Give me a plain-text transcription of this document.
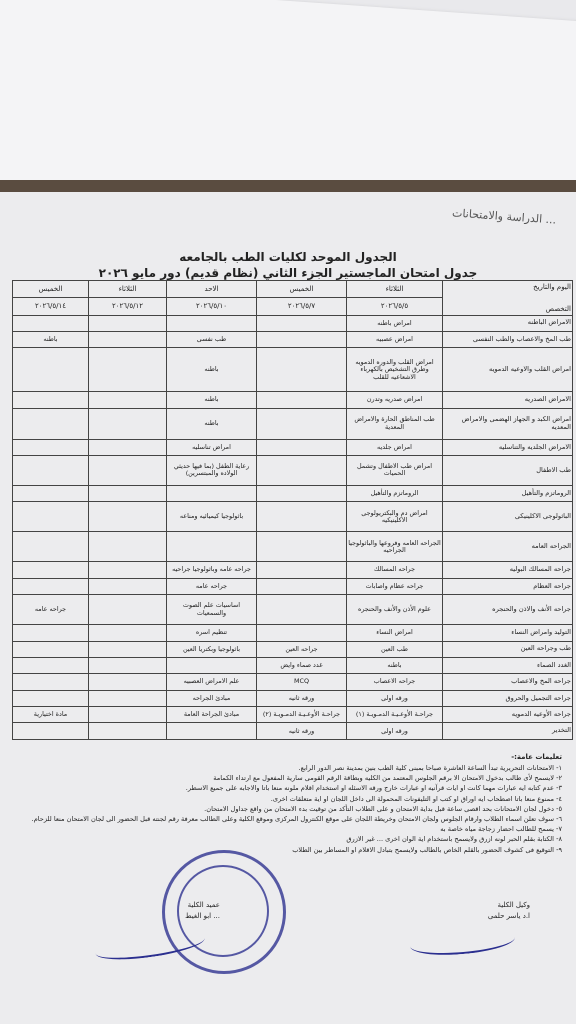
... الدراسة والامتحانات
الجدول الموحد لكليات الطب بالجامعه
جدول امتحان الماجستير الجزء الثاني (نظام قديم) دور مايو ٢٠٢٦
اليوم والتاريخ
التخصص	الثلاثاء	الخميس	الاحد	الثلاثاء	الخميس
	٢٠٢٦/٥/٥	٢٠٢٦/٥/٧	٢٠٢٦/٥/١٠	٢٠٢٦/٥/١٢	٢٠٢٦/٥/١٤
الامراض الباطنه	امراض باطنه				
طب المخ والاعصاب والطب النفسى	امراض عصبيه		طب نفسى		باطنه
امراض القلب والاوعيه الدمويه	امراض القلب والدوره الدمويه وطرق التشخيص بالكهرباء الاشعاعيه للقلب		باطنه		
الامراض الصدريه	امراض صدريه وتدرن		باطنه		
امراض الكبد و الجهاز الهضمى والامراض المعديه	طب المناطق الحارة والامراض المعدية		باطنه		
الامراض الجلديه والتناسليه	امراض جلديه		امراض تناسليه		
طب الاطفال	امراض طب الاطفال وتشمل الحميات		رعاية الطفل (بما فيها حديثي الولاده والمبتسرين)		
الروماتزم والتأهيل	الروماتزم والتأهيل				
الباثولوجى الاكلينيكى	امراض دم والبكتريولوجى الاكلينيكيه		باثولوجيا كيميائيه ومناعه		
الجراحه العامه	الجراحه العامه وفروعها والباثولوجيا الجراحيه				
جراحه المسالك البوليه	جراحه المسالك		جراحه عامه وباثولوجيا جراحيه		
جراحه العظام	جراحه عظام واصابات		جراحه عامه		
جراحه الأنف والاذن والحنجره	علوم الأذن والأنف والحنجره		اساسيات علم الصوت والسمعيات		جراحه عامه
التوليد وامراض النساء	امراض النساء		تنظيم اسره		
طب وجراحه العين	طب العين	جراحه العين	باثولوجيا وبكتريا العين		
الغدد الصماء	باطنه	غدد صماء وايض			
جراحه المخ والاعصاب	جراحه الاعصاب	MCQ	علم الامراض العصبيه		
جراحه التجميل والحروق	ورقه اولى	ورقه ثانيه	مبادئ الجراحه		
جراحه الأوعيه الدمويه	جراحـة الأوعـيـة الدمـويـة (١)	جراحـة الأوعـيـة الدمـويـة (٢)	مبادئ الجراحة العامة		مادة اختيارية
التخدير	ورقه اولى	ورقه ثانيه			

تعليمات عامة:-

١- الامتحانات التحريرية تبدأ الساعة العاشرة صباحا بمبنى كلية الطب بنين بمدينة نصر الدور الرابع.

٢- لايسمح لأى طالب بدخول الامتحان الا برقم الجلوس المعتمد من الكليه وبطاقة الرقم القومى سارية المفعول مع ارتداء الكمامة

٣- عدم كتابه ايه عبارات مهما كانت او ايات قرآنيه او عبارات خارج ورقه الاسئله او استخدام اقلام ملونه منعا باتا والاجابه على جميع الاسطر.

٤- ممنوع منعا باتا اصطحاب ايه اوراق او كتب او التليفونات المحمولة الى داخل اللجان او اية متعلقات اخرى.

٥- دخول لجان الامتحانات بحد اقصى ساعة قبل بداية الامتحان و على الطلاب التأكد من توقيت بدء الامتحان من واقع جداول الامتحان.

٦- سوف تعلن اسماء الطلاب وارقام الجلوس ولجان الامتحان وخريطة اللجان على موقع الكنترول المركزى وموقع الكلية وعلى الطالب معرفة رقم لجنته قبل الحضور الى لجان الامتحان منعا للزحام.

٧- يسمح للطالب احضار زجاجة مياه خاصة به

٨- الكتابة بقلم الحبر لونه ازرق ولايسمح باستخدام اية الوان اخرى ... غير الازرق

٩- التوقيع فى كشوف الحضور بالقلم الخاص بالطالب ولايسمح بتبادل الاقلام او المساطر بين الطلاب

عميد الكلية
... ابو الغيط
وكيل الكلية
ا.د ياسر حلمى
